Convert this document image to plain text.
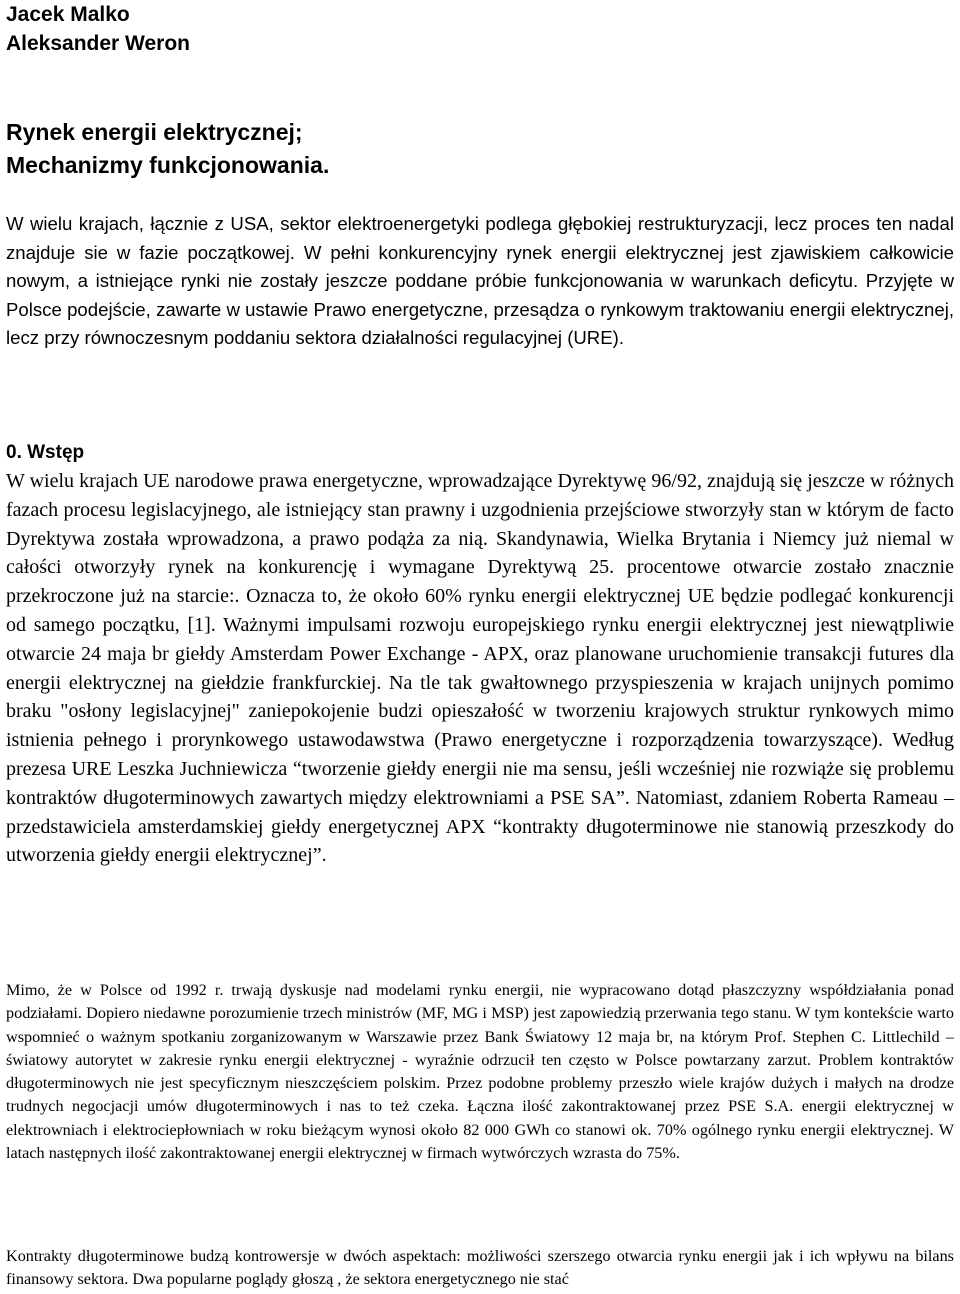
Jacek Malko
Aleksander Weron
Rynek energii elektrycznej;
Mechanizmy funkcjonowania.

W wielu krajach, łącznie z USA, sektor elektroenergetyki podlega głębokiej restrukturyzacji, lecz proces ten nadal znajduje sie w fazie początkowej. W pełni konkurencyjny rynek energii elektrycznej jest zjawiskiem całkowicie nowym, a istniejące rynki nie zostały jeszcze poddane próbie funkcjonowania w warunkach deficytu. Przyjęte w Polsce podejście, zawarte w ustawie Prawo energetyczne, przesądza o rynkowym traktowaniu energii elektrycznej, lecz przy równoczesnym poddaniu sektora działalności regulacyjnej (URE).

0. Wstęp

W wielu krajach UE narodowe prawa energetyczne, wprowadzające Dyrektywę 96/92, znajdują się jeszcze w różnych fazach procesu legislacyjnego, ale istniejący stan prawny i uzgodnienia przejściowe stworzyły stan w którym de facto Dyrektywa została wprowadzona, a prawo podąża za nią. Skandynawia, Wielka Brytania i Niemcy już niemal w całości otworzyły rynek na konkurencję i wymagane Dyrektywą 25. procentowe otwarcie zostało znacznie przekroczone już na starcie:. Oznacza to, że około 60% rynku energii elektrycznej UE będzie podlegać konkurencji od samego początku, [1]. Ważnymi impulsami rozwoju europejskiego rynku energii elektrycznej jest niewątpliwie otwarcie 24 maja br giełdy Amsterdam Power Exchange - APX, oraz planowane uruchomienie transakcji futures dla energii elektrycznej na giełdzie frankfurckiej. Na tle tak gwałtownego przyspieszenia w krajach unijnych pomimo braku "osłony legislacyjnej" zaniepokojenie budzi opieszałość w tworzeniu krajowych struktur rynkowych mimo istnienia pełnego i prorynkowego ustawodawstwa (Prawo energetyczne i rozporządzenia towarzyszące). Według prezesa URE Leszka Juchniewicza “tworzenie giełdy energii nie ma sensu, jeśli wcześniej nie rozwiąże się problemu kontraktów długoterminowych zawartych między elektrowniami a PSE SA”. Natomiast, zdaniem Roberta Rameau – przedstawiciela amsterdamskiej giełdy energetycznej APX “kontrakty długoterminowe nie stanowią przeszkody do utworzenia giełdy energii elektrycznej”.

Mimo, że w Polsce od 1992 r. trwają dyskusje nad modelami rynku energii, nie wypracowano dotąd płaszczyzny współdziałania ponad podziałami. Dopiero niedawne porozumienie trzech ministrów (MF, MG i MSP) jest zapowiedzią przerwania tego stanu. W tym kontekście warto wspomnieć o ważnym spotkaniu zorganizowanym w Warszawie przez Bank Światowy 12 maja br, na którym Prof. Stephen C. Littlechild – światowy autorytet w zakresie rynku energii elektrycznej - wyraźnie odrzucił ten często w Polsce powtarzany zarzut. Problem kontraktów długoterminowych nie jest specyficznym nieszczęściem polskim. Przez podobne problemy przeszło wiele krajów dużych i małych na drodze trudnych negocjacji umów długoterminowych i nas to też czeka. Łączna ilość zakontraktowanej przez PSE S.A. energii elektrycznej w elektrowniach i elektrociepłowniach w roku bieżącym wynosi około 82 000 GWh co stanowi ok. 70% ogólnego rynku energii elektrycznej. W latach następnych ilość zakontraktowanej energii elektrycznej w firmach wytwórczych wzrasta do 75%.

Kontrakty długoterminowe budzą kontrowersje w dwóch aspektach: możliwości szerszego otwarcia rynku energii jak i ich wpływu na bilans finansowy sektora. Dwa popularne poglądy głoszą , że sektora energetycznego nie stać
